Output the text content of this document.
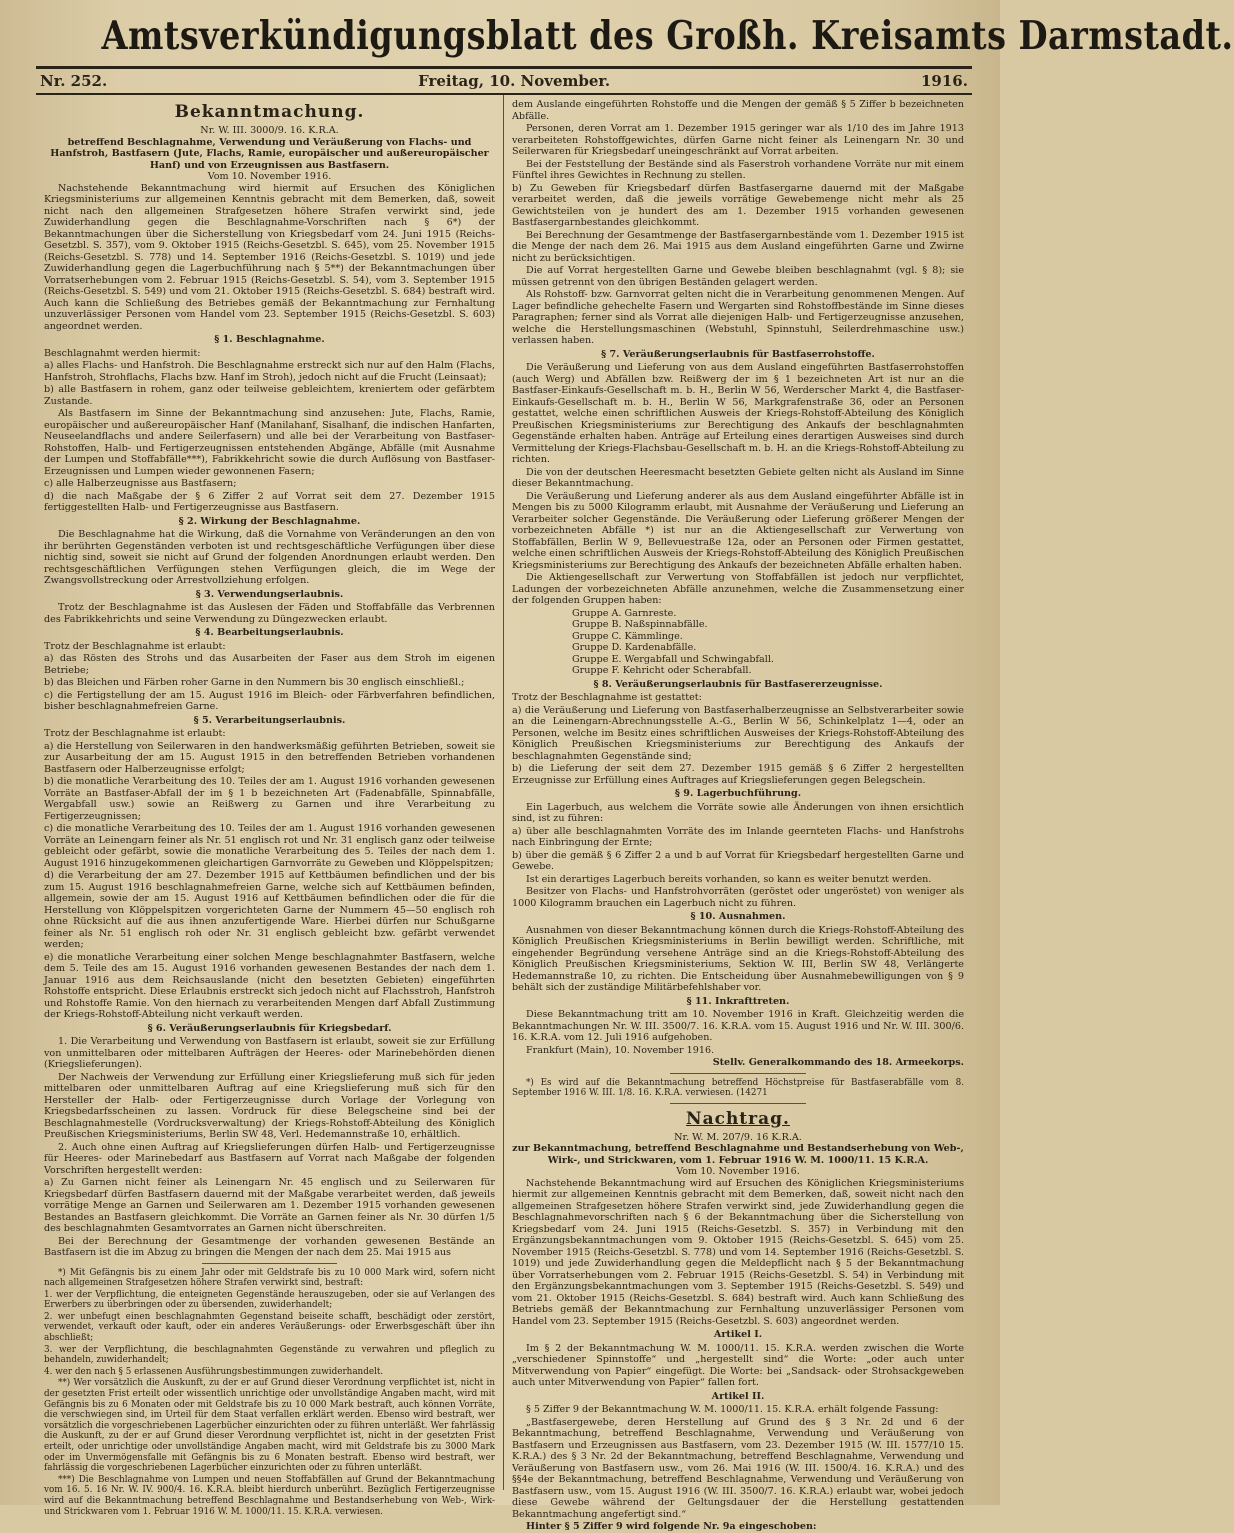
Amtsverkündigungsblatt des Großh. Kreisamts Darmstadt.
Nr. 252.	Freitag, 10. November.	1916.
Bekanntmachung.
Nr. W. III. 3000/9. 16. K.R.A.
betreffend Beschlagnahme, Verwendung und Veräußerung von Flachs- und Hanfstroh, Bastfasern (Jute, Flachs, Ramie, europäischer und außereuropäischer Hanf) und von Erzeugnissen aus Bastfasern.
Vom 10. November 1916.

Nachstehende Bekanntmachung wird hiermit auf Ersuchen des Königlichen Kriegsministeriums zur allgemeinen Kenntnis gebracht mit dem Bemerken, daß, soweit nicht nach den allgemeinen Strafgesetzen höhere Strafen verwirkt sind, jede Zuwiderhandlung gegen die Beschlagnahme-Vorschriften nach § 6*) der Bekanntmachungen über die Sicherstellung von Kriegsbedarf vom 24. Juni 1915 (Reichs-Gesetzbl. S. 357), vom 9. Oktober 1915 (Reichs-Gesetzbl. S. 645), vom 25. November 1915 (Reichs-Gesetzbl. S. 778) und 14. September 1916 (Reichs-Gesetzbl. S. 1019) und jede Zuwiderhandlung gegen die Lagerbuchführung nach § 5**) der Bekanntmachungen über Vorratserhebungen vom 2. Februar 1915 (Reichs-Gesetzbl. S. 54), vom 3. September 1915 (Reichs-Gesetzbl. S. 549) und vom 21. Oktober 1915 (Reichs-Gesetzbl. S. 684) bestraft wird. Auch kann die Schließung des Betriebes gemäß der Bekanntmachung zur Fernhaltung unzuverlässiger Personen vom Handel vom 23. September 1915 (Reichs-Gesetzbl. S. 603) angeordnet werden.

§ 1. Beschlagnahme.

Beschlagnahmt werden hiermit:

a) alles Flachs- und Hanfstroh. Die Beschlagnahme erstreckt sich nur auf den Halm (Flachs, Hanfstroh, Strohflachs, Flachs bzw. Hanf im Stroh), jedoch nicht auf die Frucht (Leinsaat);

b) alle Bastfasern in rohem, ganz oder teilweise gebleichtem, kreniertem oder gefärbtem Zustande.

Als Bastfasern im Sinne der Bekanntmachung sind anzusehen: Jute, Flachs, Ramie, europäischer und außereuropäischer Hanf (Manilahanf, Sisalhanf, die indischen Hanfarten, Neuseelandflachs und andere Seilerfasern) und alle bei der Verarbeitung von Bastfaser-Rohstoffen, Halb- und Fertigerzeugnissen entstehenden Abgänge, Abfälle (mit Ausnahme der Lumpen und Stoffabfälle***), Fabrikkehricht sowie die durch Auflösung von Bastfaser-Erzeugnissen und Lumpen wieder gewonnenen Fasern;

c) alle Halberzeugnisse aus Bastfasern;

d) die nach Maßgabe der § 6 Ziffer 2 auf Vorrat seit dem 27. Dezember 1915 fertiggestellten Halb- und Fertigerzeugnisse aus Bastfasern.

§ 2. Wirkung der Beschlagnahme.

Die Beschlagnahme hat die Wirkung, daß die Vornahme von Veränderungen an den von ihr berührten Gegenständen verboten ist und rechtsgeschäftliche Verfügungen über diese nichtig sind, soweit sie nicht auf Grund der folgenden Anordnungen erlaubt werden. Den rechtsgeschäftlichen Verfügungen stehen Verfügungen gleich, die im Wege der Zwangsvollstreckung oder Arrestvollziehung erfolgen.

§ 3. Verwendungserlaubnis.

Trotz der Beschlagnahme ist das Auslesen der Fäden und Stoffabfälle das Verbrennen des Fabrikkehrichts und seine Verwendung zu Düngezwecken erlaubt.

§ 4. Bearbeitungserlaubnis.

Trotz der Beschlagnahme ist erlaubt:

a) das Rösten des Strohs und das Ausarbeiten der Faser aus dem Stroh im eigenen Betriebe;

b) das Bleichen und Färben roher Garne in den Nummern bis 30 englisch einschließl.;

c) die Fertigstellung der am 15. August 1916 im Bleich- oder Färbverfahren befindlichen, bisher beschlagnahmefreien Garne.

§ 5. Verarbeitungserlaubnis.

Trotz der Beschlagnahme ist erlaubt:

a) die Herstellung von Seilerwaren in den handwerksmäßig geführten Betrieben, soweit sie zur Ausarbeitung der am 15. August 1915 in den betreffenden Betrieben vorhandenen Bastfasern oder Halberzeugnisse erfolgt;

b) die monatliche Verarbeitung des 10. Teiles der am 1. August 1916 vorhanden gewesenen Vorräte an Bastfaser-Abfall der im § 1 b bezeichneten Art (Fadenabfälle, Spinnabfälle, Wergabfall usw.) sowie an Reißwerg zu Garnen und ihre Verarbeitung zu Fertigerzeugnissen;

c) die monatliche Verarbeitung des 10. Teiles der am 1. August 1916 vorhanden gewesenen Vorräte an Leinengarn feiner als Nr. 51 englisch rot und Nr. 31 englisch ganz oder teilweise gebleicht oder gefärbt, sowie die monatliche Verarbeitung des 5. Teiles der nach dem 1. August 1916 hinzugekommenen gleichartigen Garnvorräte zu Geweben und Klöppelspitzen;

d) die Verarbeitung der am 27. Dezember 1915 auf Kettbäumen befindlichen und der bis zum 15. August 1916 beschlagnahmefreien Garne, welche sich auf Kettbäumen befinden, allgemein, sowie der am 15. August 1916 auf Kettbäumen befindlichen oder die für die Herstellung von Klöppelspitzen vorgerichteten Garne der Nummern 45—50 englisch roh ohne Rücksicht auf die aus ihnen anzufertigende Ware. Hierbei dürfen nur Schußgarne feiner als Nr. 51 englisch roh oder Nr. 31 englisch gebleicht bzw. gefärbt verwendet werden;

e) die monatliche Verarbeitung einer solchen Menge beschlagnahmter Bastfasern, welche dem 5. Teile des am 15. August 1916 vorhanden gewesenen Bestandes der nach dem 1. Januar 1916 aus dem Reichsauslande (nicht den besetzten Gebieten) eingeführten Rohstoffe entspricht. Diese Erlaubnis erstreckt sich jedoch nicht auf Flachsstroh, Hanfstroh und Rohstoffe Ramie. Von den hiernach zu verarbeitenden Mengen darf Abfall Zustimmung der Kriegs-Rohstoff-Abteilung nicht verkauft werden.

§ 6. Veräußerungserlaubnis für Kriegsbedarf.

1. Die Verarbeitung und Verwendung von Bastfasern ist erlaubt, soweit sie zur Erfüllung von unmittelbaren oder mittelbaren Aufträgen der Heeres- oder Marinebehörden dienen (Kriegslieferungen).

Der Nachweis der Verwendung zur Erfüllung einer Kriegslieferung muß sich für jeden mittelbaren oder unmittelbaren Auftrag auf eine Kriegslieferung muß sich für den Hersteller der Halb- oder Fertigerzeugnisse durch Vorlage der Vorlegung von Kriegsbedarfsscheinen zu lassen. Vordruck für diese Belegscheine sind bei der Beschlagnahmestelle (Vordrucksverwaltung) der Kriegs-Rohstoff-Abteilung des Königlich Preußischen Kriegsministeriums, Berlin SW 48, Verl. Hedemannstraße 10, erhältlich.

2. Auch ohne einen Auftrag auf Kriegslieferungen dürfen Halb- und Fertigerzeugnisse für Heeres- oder Marinebedarf aus Bastfasern auf Vorrat nach Maßgabe der folgenden Vorschriften hergestellt werden:

a) Zu Garnen nicht feiner als Leinengarn Nr. 45 englisch und zu Seilerwaren für Kriegsbedarf dürfen Bastfasern dauernd mit der Maßgabe verarbeitet werden, daß jeweils vorrätige Menge an Garnen und Seilerwaren am 1. Dezember 1915 vorhanden gewesenen Bestandes an Bastfasern gleichkommt. Die Vorräte an Garnen feiner als Nr. 30 dürfen 1/5 des beschlagnahmten Gesamtvorrates an Garnen nicht überschreiten.

Bei der Berechnung der Gesamtmenge der vorhanden gewesenen Bestände an Bastfasern ist die im Abzug zu bringen die Mengen der nach dem 25. Mai 1915 aus

*) Mit Gefängnis bis zu einem Jahr oder mit Geldstrafe bis zu 10 000 Mark wird, sofern nicht nach allgemeinen Strafgesetzen höhere Strafen verwirkt sind, bestraft:

1. wer der Verpflichtung, die enteigneten Gegenstände herauszugeben, oder sie auf Verlangen des Erwerbers zu überbringen oder zu übersenden, zuwiderhandelt;

2. wer unbefugt einen beschlagnahmten Gegenstand beiseite schafft, beschädigt oder zerstört, verwendet, verkauft oder kauft, oder ein anderes Veräußerungs- oder Erwerbsgeschäft über ihn abschließt;

3. wer der Verpflichtung, die beschlagnahmten Gegenstände zu verwahren und pfleglich zu behandeln, zuwiderhandelt;

4. wer den nach § 5 erlassenen Ausführungsbestimmungen zuwiderhandelt.

**) Wer vorsätzlich die Auskunft, zu der er auf Grund dieser Verordnung verpflichtet ist, nicht in der gesetzten Frist erteilt oder wissentlich unrichtige oder unvollständige Angaben macht, wird mit Gefängnis bis zu 6 Monaten oder mit Geldstrafe bis zu 10 000 Mark bestraft, auch können Vorräte, die verschwiegen sind, im Urteil für dem Staat verfallen erklärt werden. Ebenso wird bestraft, wer vorsätzlich die vorgeschriebenen Lagerbücher einzurichten oder zu führen unterläßt. Wer fahrlässig die Auskunft, zu der er auf Grund dieser Verordnung verpflichtet ist, nicht in der gesetzten Frist erteilt, oder unrichtige oder unvollständige Angaben macht, wird mit Geldstrafe bis zu 3000 Mark oder im Unvermögensfalle mit Gefängnis bis zu 6 Monaten bestraft. Ebenso wird bestraft, wer fahrlässig die vorgeschriebenen Lagerbücher einzurichten oder zu führen unterläßt.

***) Die Beschlagnahme von Lumpen und neuen Stoffabfällen auf Grund der Bekanntmachung vom 16. 5. 16 Nr. W. IV. 900/4. 16. K.R.A. bleibt hierdurch unberührt. Bezüglich Fertigerzeugnisse wird auf die Bekanntmachung betreffend Beschlagnahme und Bestandserhebung von Web-, Wirk- und Strickwaren vom 1. Februar 1916 W. M. 1000/11. 15. K.R.A. verwiesen.

dem Auslande eingeführten Rohstoffe und die Mengen der gemäß § 5 Ziffer b bezeichneten Abfälle.

Personen, deren Vorrat am 1. Dezember 1915 geringer war als 1/10 des im Jahre 1913 verarbeiteten Rohstoffgewichtes, dürfen Garne nicht feiner als Leinengarn Nr. 30 und Seilerwaren für Kriegsbedarf uneingeschränkt auf Vorrat arbeiten.

Bei der Feststellung der Bestände sind als Faserstroh vorhandene Vorräte nur mit einem Fünftel ihres Gewichtes in Rechnung zu stellen.

b) Zu Geweben für Kriegsbedarf dürfen Bastfasergarne dauernd mit der Maßgabe verarbeitet werden, daß die jeweils vorrätige Gewebemenge nicht mehr als 25 Gewichtsteilen von je hundert des am 1. Dezember 1915 vorhanden gewesenen Bastfasergarnbestandes gleichkommt.

Bei Berechnung der Gesamtmenge der Bastfasergarnbestände vom 1. Dezember 1915 ist die Menge der nach dem 26. Mai 1915 aus dem Ausland eingeführten Garne und Zwirne nicht zu berücksichtigen.

Die auf Vorrat hergestellten Garne und Gewebe bleiben beschlagnahmt (vgl. § 8); sie müssen getrennt von den übrigen Beständen gelagert werden.

Als Rohstoff- bzw. Garnvorrat gelten nicht die in Verarbeitung genommenen Mengen. Auf Lager befindliche gehechelte Fasern und Wergarten sind Rohstoffbestände im Sinne dieses Paragraphen; ferner sind als Vorrat alle diejenigen Halb- und Fertigerzeugnisse anzusehen, welche die Herstellungsmaschinen (Webstuhl, Spinnstuhl, Seilerdrehmaschine usw.) verlassen haben.

§ 7. Veräußerungserlaubnis für Bastfaserrohstoffe.

Die Veräußerung und Lieferung von aus dem Ausland eingeführten Bastfaserrohstoffen (auch Werg) und Abfällen bzw. Reißwerg der im § 1 bezeichneten Art ist nur an die Bastfaser-Einkaufs-Gesellschaft m. b. H., Berlin W 56, Werderscher Markt 4, die Bastfaser-Einkaufs-Gesellschaft m. b. H., Berlin W 56, Markgrafenstraße 36, oder an Personen gestattet, welche einen schriftlichen Ausweis der Kriegs-Rohstoff-Abteilung des Königlich Preußischen Kriegsministeriums zur Berechtigung des Ankaufs der beschlagnahmten Gegenstände erhalten haben. Anträge auf Erteilung eines derartigen Ausweises sind durch Vermittelung der Kriegs-Flachsbau-Gesellschaft m. b. H. an die Kriegs-Rohstoff-Abteilung zu richten.

Die von der deutschen Heeresmacht besetzten Gebiete gelten nicht als Ausland im Sinne dieser Bekanntmachung.

Die Veräußerung und Lieferung anderer als aus dem Ausland eingeführter Abfälle ist in Mengen bis zu 5000 Kilogramm erlaubt, mit Ausnahme der Veräußerung und Lieferung an Verarbeiter solcher Gegenstände. Die Veräußerung oder Lieferung größerer Mengen der vorbezeichneten Abfälle *) ist nur an die Aktiengesellschaft zur Verwertung von Stoffabfällen, Berlin W 9, Bellevuestraße 12a, oder an Personen oder Firmen gestattet, welche einen schriftlichen Ausweis der Kriegs-Rohstoff-Abteilung des Königlich Preußischen Kriegsministeriums zur Berechtigung des Ankaufs der bezeichneten Abfälle erhalten haben.

Die Aktiengesellschaft zur Verwertung von Stoffabfällen ist jedoch nur verpflichtet, Ladungen der vorbezeichneten Abfälle anzunehmen, welche die Zusammensetzung einer der folgenden Gruppen haben:

Gruppe A. Garnreste.
Gruppe B. Naßspinnabfälle.
Gruppe C. Kämmlinge.
Gruppe D. Kardenabfälle.
Gruppe E. Wergabfall und Schwingabfall.
Gruppe F. Kehricht oder Scherabfall.
§ 8. Veräußerungserlaubnis für Bastfasererzeugnisse.

Trotz der Beschlagnahme ist gestattet:

a) die Veräußerung und Lieferung von Bastfaserhalberzeugnisse an Selbstverarbeiter sowie an die Leinengarn-Abrechnungsstelle A.-G., Berlin W 56, Schinkelplatz 1—4, oder an Personen, welche im Besitz eines schriftlichen Ausweises der Kriegs-Rohstoff-Abteilung des Königlich Preußischen Kriegsministeriums zur Berechtigung des Ankaufs der beschlagnahmten Gegenstände sind;

b) die Lieferung der seit dem 27. Dezember 1915 gemäß § 6 Ziffer 2 hergestellten Erzeugnisse zur Erfüllung eines Auftrages auf Kriegslieferungen gegen Belegschein.

§ 9. Lagerbuchführung.

Ein Lagerbuch, aus welchem die Vorräte sowie alle Änderungen von ihnen ersichtlich sind, ist zu führen:

a) über alle beschlagnahmten Vorräte des im Inlande geernteten Flachs- und Hanfstrohs nach Einbringung der Ernte;

b) über die gemäß § 6 Ziffer 2 a und b auf Vorrat für Kriegsbedarf hergestellten Garne und Gewebe.

Ist ein derartiges Lagerbuch bereits vorhanden, so kann es weiter benutzt werden.

Besitzer von Flachs- und Hanfstrohvorräten (geröstet oder ungeröstet) von weniger als 1000 Kilogramm brauchen ein Lagerbuch nicht zu führen.

§ 10. Ausnahmen.

Ausnahmen von dieser Bekanntmachung können durch die Kriegs-Rohstoff-Abteilung des Königlich Preußischen Kriegsministeriums in Berlin bewilligt werden. Schriftliche, mit eingehender Begründung versehene Anträge sind an die Kriegs-Rohstoff-Abteilung des Königlich Preußischen Kriegsministeriums, Sektion W. III, Berlin SW 48, Verlängerte Hedemannstraße 10, zu richten. Die Entscheidung über Ausnahmebewilligungen von § 9 behält sich der zuständige Militärbefehlshaber vor.

§ 11. Inkrafttreten.

Diese Bekanntmachung tritt am 10. November 1916 in Kraft. Gleichzeitig werden die Bekanntmachungen Nr. W. III. 3500/7. 16. K.R.A. vom 15. August 1916 und Nr. W. III. 300/6. 16. K.R.A. vom 12. Juli 1916 aufgehoben.

Frankfurt (Main), 10. November 1916.

Stellv. Generalkommando des 18. Armeekorps.

*) Es wird auf die Bekanntmachung betreffend Höchstpreise für Bastfaserabfälle vom 8. September 1916 W. III. 1/8. 16. K.R.A. verwiesen. (14271

Nachtrag.
Nr. W. M. 207/9. 16 K.R.A.
zur Bekanntmachung, betreffend Beschlagnahme und Bestandserhebung von Web-, Wirk-, und Strickwaren, vom 1. Februar 1916 W. M. 1000/11. 15 K.R.A.
Vom 10. November 1916.

Nachstehende Bekanntmachung wird auf Ersuchen des Königlichen Kriegsministeriums hiermit zur allgemeinen Kenntnis gebracht mit dem Bemerken, daß, soweit nicht nach den allgemeinen Strafgesetzen höhere Strafen verwirkt sind, jede Zuwiderhandlung gegen die Beschlagnahmevorschriften nach § 6 der Bekanntmachung über die Sicherstellung von Kriegsbedarf vom 24. Juni 1915 (Reichs-Gesetzbl. S. 357) in Verbindung mit den Ergänzungsbekanntmachungen vom 9. Oktober 1915 (Reichs-Gesetzbl. S. 645) vom 25. November 1915 (Reichs-Gesetzbl. S. 778) und vom 14. September 1916 (Reichs-Gesetzbl. S. 1019) und jede Zuwiderhandlung gegen die Meldepflicht nach § 5 der Bekanntmachung über Vorratserhebungen vom 2. Februar 1915 (Reichs-Gesetzbl. S. 54) in Verbindung mit den Ergänzungsbekanntmachungen vom 3. September 1915 (Reichs-Gesetzbl. S. 549) und vom 21. Oktober 1915 (Reichs-Gesetzbl. S. 684) bestraft wird. Auch kann Schließung des Betriebs gemäß der Bekanntmachung zur Fernhaltung unzuverlässiger Personen vom Handel vom 23. September 1915 (Reichs-Gesetzbl. S. 603) angeordnet werden.

Artikel I.

Im § 2 der Bekanntmachung W. M. 1000/11. 15. K.R.A. werden zwischen die Worte „verschiedener Spinnstoffe“ und „hergestellt sind“ die Worte: „oder auch unter Mitverwendung von Papier“ eingefügt. Die Worte: bei „Sandsack- oder Strohsackgeweben auch unter Mitverwendung von Papier“ fallen fort.

Artikel II.

§ 5 Ziffer 9 der Bekanntmachung W. M. 1000/11. 15. K.R.A. erhält folgende Fassung:

„Bastfasergewebe, deren Herstellung auf Grund des § 3 Nr. 2d und 6 der Bekanntmachung, betreffend Beschlagnahme, Verwendung und Veräußerung von Bastfasern und Erzeugnissen aus Bastfasern, vom 23. Dezember 1915 (W. III. 1577/10 15. K.R.A.) des § 3 Nr. 2d der Bekanntmachung, betreffend Beschlagnahme, Verwendung und Veräußerung von Bastfasern usw., vom 26. Mai 1916 (W. III. 1500/4. 16. K.R.A.) und des §§4e der Bekanntmachung, betreffend Beschlagnahme, Verwendung und Veräußerung von Bastfasern usw., vom 15. August 1916 (W. III. 3500/7. 16. K.R.A.) erlaubt war, wobei jedoch diese Gewebe während der Geltungsdauer der die Herstellung gestattenden Bekanntmachung angefertigt sind.“

Hinter § 5 Ziffer 9 wird folgende Nr. 9a eingeschoben:
